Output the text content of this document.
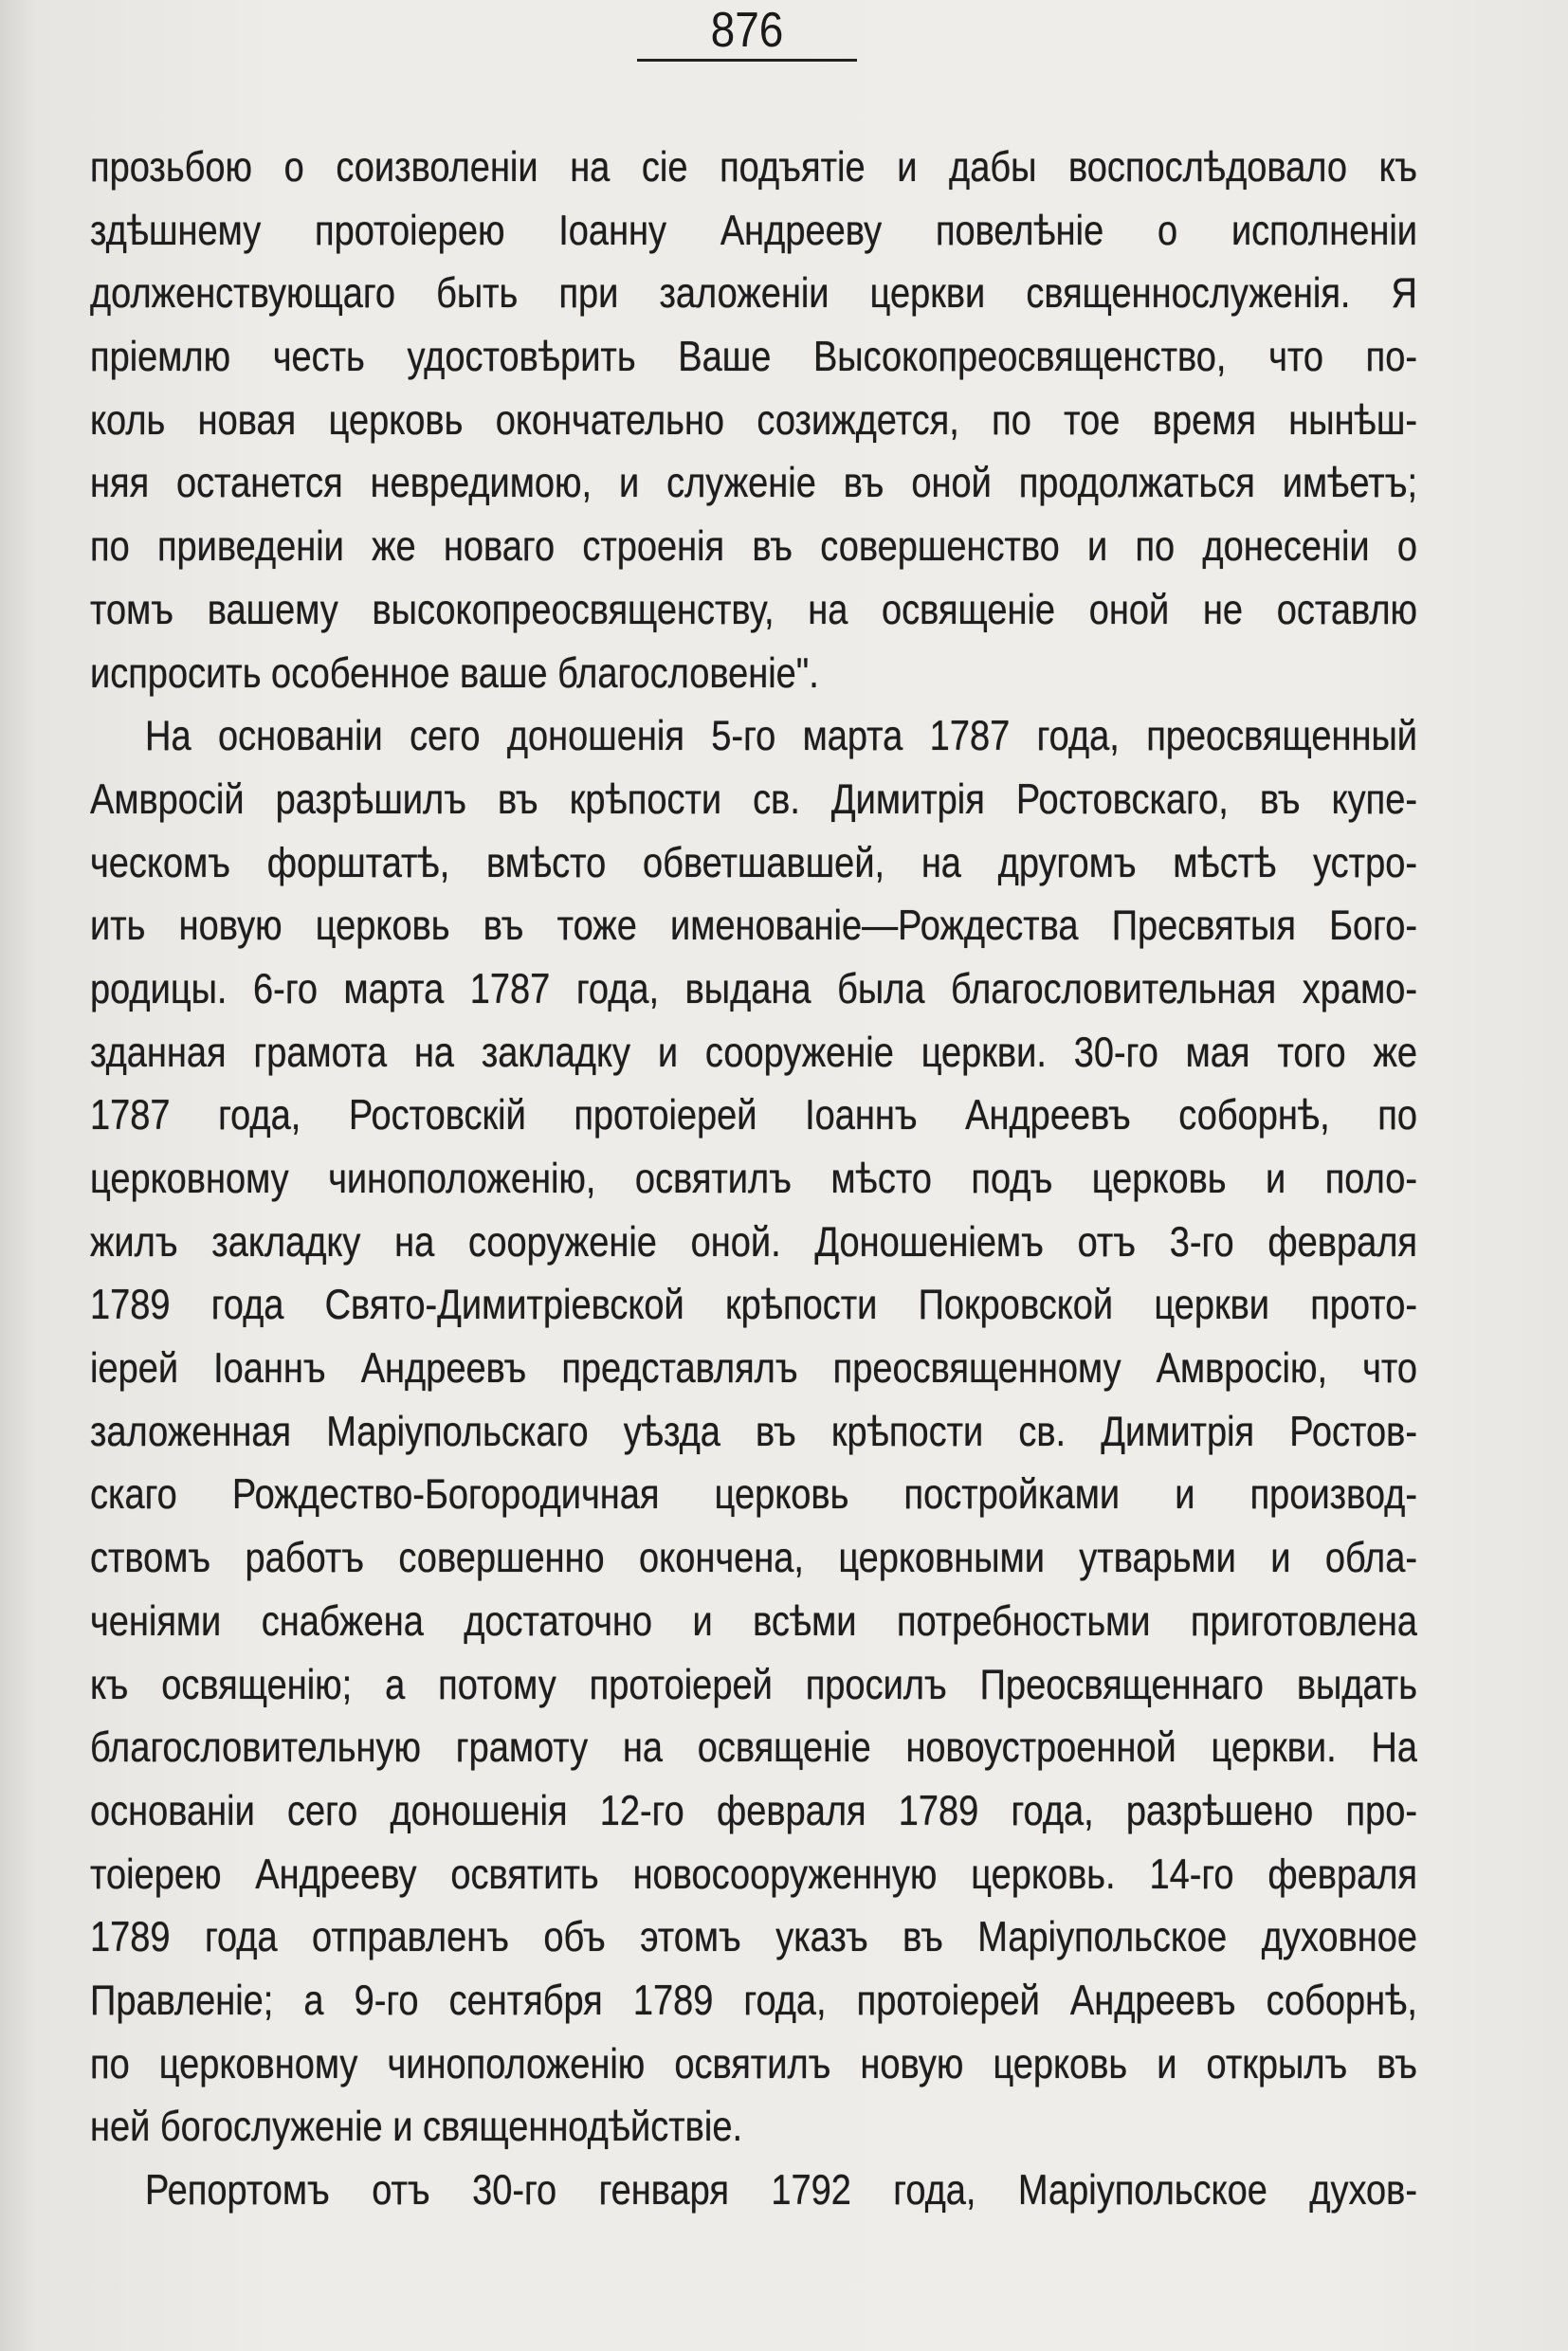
876
прозьбою о соизволеніи на сіе подъятіе и дабы воспослѣдовало къ
здѣшнему протоіерею Іоанну Андрееву повелѣніе о исполненіи
долженствующаго быть при заложеніи церкви священнослуженія. Я
пріемлю честь удостовѣрить Ваше Высокопреосвященство, что по-
коль новая церковь окончательно созиждется, по тое время нынѣш-
няя останется невредимою, и служеніе въ оной продолжаться имѣетъ;
по приведеніи же новаго строенія въ совершенство и по донесеніи о
томъ вашему высокопреосвященству, на освященіе оной не оставлю
испросить особенное ваше благословеніе".
На основаніи сего доношенія 5-го марта 1787 года, преосвященный
Амвросій разрѣшилъ въ крѣпости св. Димитрія Ростовскаго, въ купе-
ческомъ форштатѣ, вмѣсто обветшавшей, на другомъ мѣстѣ устро-
ить новую церковь въ тоже именованіе—Рождества Пресвятыя Бого-
родицы. 6-го марта 1787 года, выдана была благословительная храмо-
зданная грамота на закладку и сооруженіе церкви. 30-го мая того же
1787 года, Ростовскій протоіерей Іоаннъ Андреевъ соборнѣ, по
церковному чиноположенію, освятилъ мѣсто подъ церковь и поло-
жилъ закладку на сооруженіе оной. Доношеніемъ отъ 3-го февраля
1789 года Свято-Димитріевской крѣпости Покровской церкви прото-
іерей Іоаннъ Андреевъ представлялъ преосвященному Амвросію, что
заложенная Маріупольскаго уѣзда въ крѣпости св. Димитрія Ростов-
скаго Рождество-Богородичная церковь постройками и производ-
ствомъ работъ совершенно окончена, церковными утварьми и обла-
ченіями снабжена достаточно и всѣми потребностьми приготовлена
къ освященію; а потому протоіерей просилъ Преосвященнаго выдать
благословительную грамоту на освященіе новоустроенной церкви. На
основаніи сего доношенія 12-го февраля 1789 года, разрѣшено про-
тоіерею Андрееву освятить новосооруженную церковь. 14-го февраля
1789 года отправленъ объ этомъ указъ въ Маріупольское духовное
Правленіе; а 9-го сентября 1789 года, протоіерей Андреевъ соборнѣ,
по церковному чиноположенію освятилъ новую церковь и открылъ въ
ней богослуженіе и священнодѣйствіе.
Репортомъ отъ 30-го генваря 1792 года, Маріупольское духов-
